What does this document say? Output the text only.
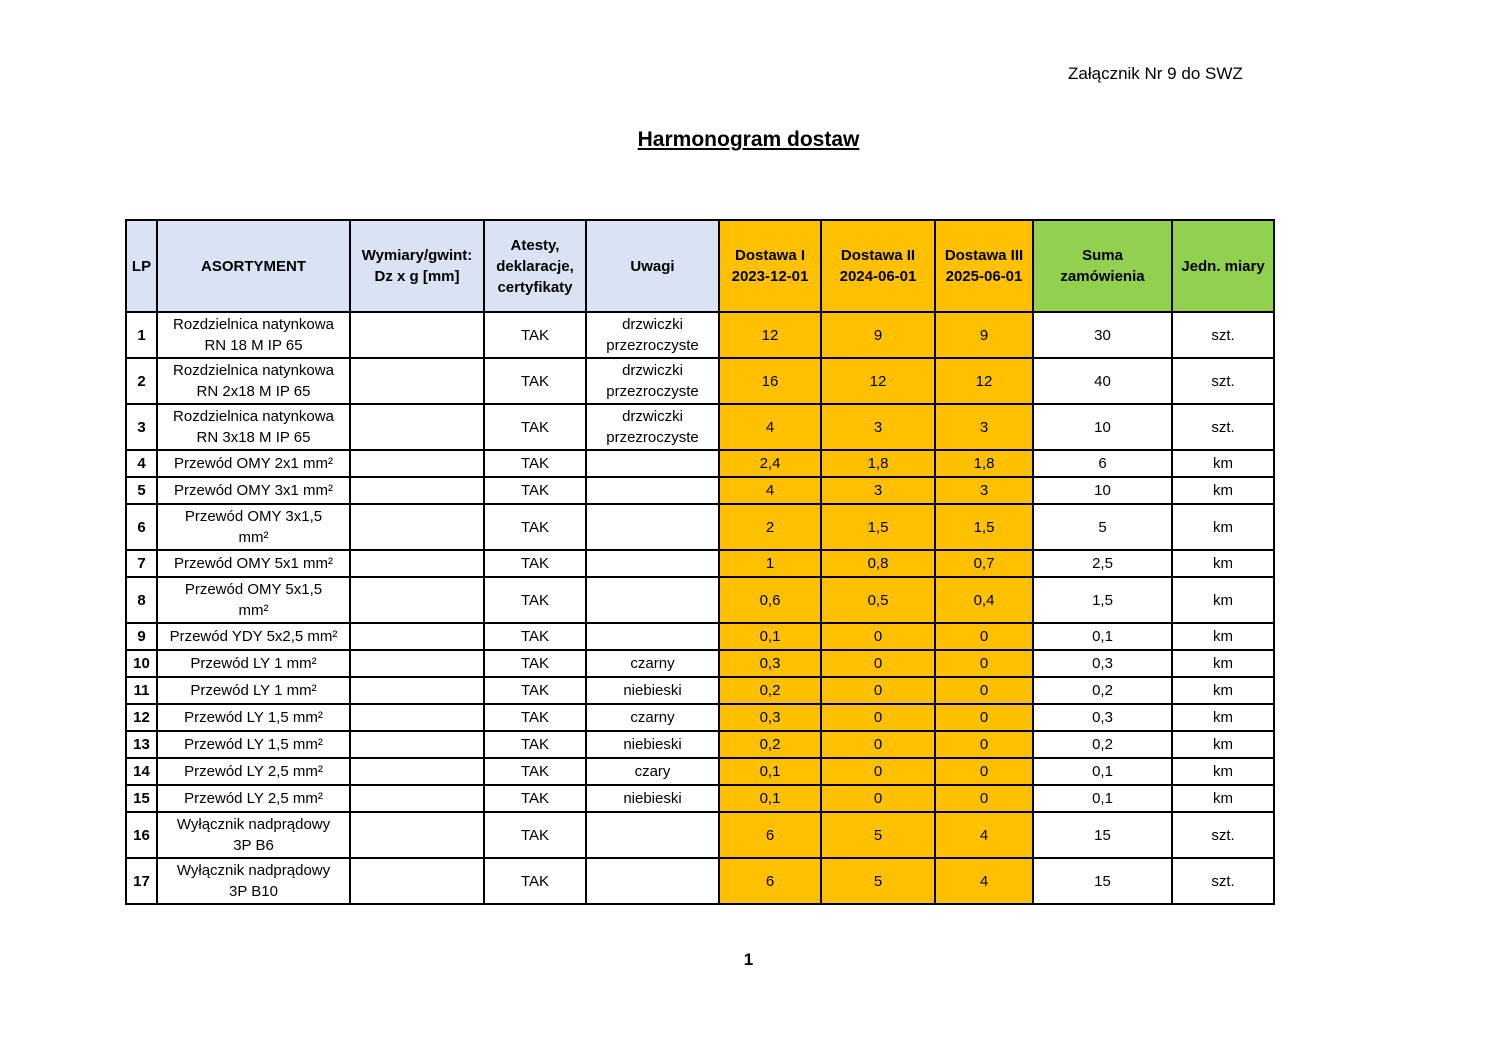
Załącznik Nr 9 do SWZ
Harmonogram dostaw
LP	ASORTYMENT	Wymiary/gwint:
Dz x g [mm]	Atesty,
deklaracje,
certyfikaty	Uwagi	Dostawa I
2023-12-01	Dostawa II
2024-06-01	Dostawa III
2025-06-01	Suma
zamówienia	Jedn. miary
1	Rozdzielnica natynkowa
RN 18 M IP 65		TAK	drzwiczki
przezroczyste	12	9	9	30	szt.
2	Rozdzielnica natynkowa
RN 2x18 M IP 65		TAK	drzwiczki
przezroczyste	16	12	12	40	szt.
3	Rozdzielnica natynkowa
RN 3x18 M IP 65		TAK	drzwiczki
przezroczyste	4	3	3	10	szt.
4	Przewód OMY 2x1 mm²		TAK		2,4	1,8	1,8	6	km
5	Przewód OMY 3x1 mm²		TAK		4	3	3	10	km
6	Przewód OMY 3x1,5
mm²		TAK		2	1,5	1,5	5	km
7	Przewód OMY 5x1 mm²		TAK		1	0,8	0,7	2,5	km
8	Przewód OMY 5x1,5
mm²		TAK		0,6	0,5	0,4	1,5	km
9	Przewód YDY 5x2,5 mm²		TAK		0,1	0	0	0,1	km
10	Przewód LY 1 mm²		TAK	czarny	0,3	0	0	0,3	km
11	Przewód LY 1 mm²		TAK	niebieski	0,2	0	0	0,2	km
12	Przewód LY 1,5 mm²		TAK	czarny	0,3	0	0	0,3	km
13	Przewód LY 1,5 mm²		TAK	niebieski	0,2	0	0	0,2	km
14	Przewód LY 2,5 mm²		TAK	czary	0,1	0	0	0,1	km
15	Przewód LY 2,5 mm²		TAK	niebieski	0,1	0	0	0,1	km
16	Wyłącznik nadprądowy
3P B6		TAK		6	5	4	15	szt.
17	Wyłącznik nadprądowy
3P B10		TAK		6	5	4	15	szt.
1
